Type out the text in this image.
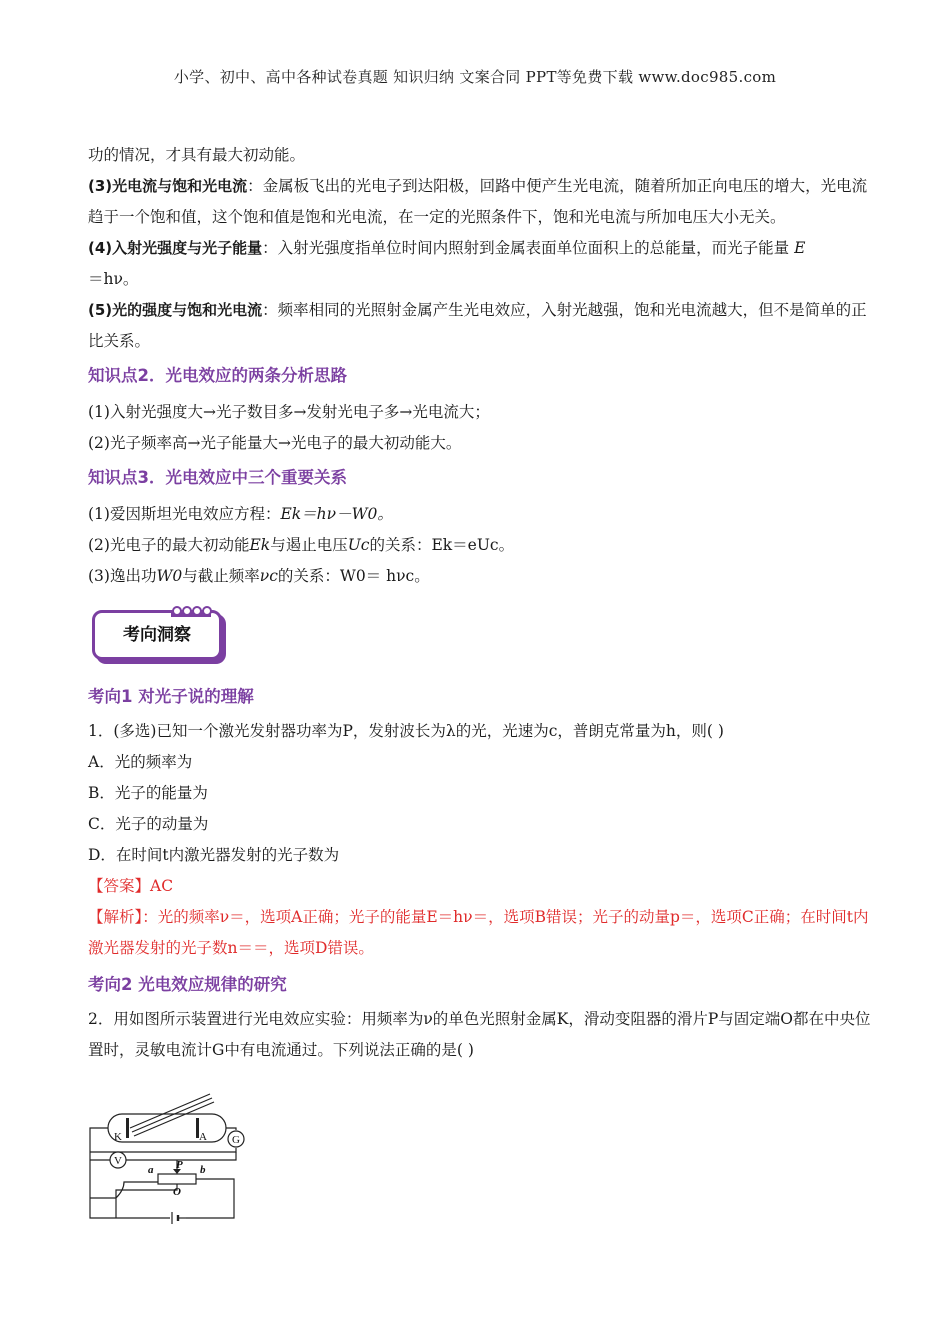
小学、初中、高中各种试卷真题 知识归纳 文案合同 PPT等免费下载 www.doc985.com

功的情况，才具有最大初动能。

(3)光电流与饱和光电流：金属板飞出的光电子到达阳极，回路中便产生光电流，随着所加正向电压的增大，光电流趋于一个饱和值，这个饱和值是饱和光电流，在一定的光照条件下，饱和光电流与所加电压大小无关。

(4)入射光强度与光子能量：入射光强度指单位时间内照射到金属表面单位面积上的总能量，而光子能量 E
＝hν。

(5)光的强度与饱和光电流：频率相同的光照射金属产生光电效应，入射光越强，饱和光电流越大，但不是简单的正比关系。

知识点2．光电效应的两条分析思路

(1)入射光强度大→光子数目多→发射光电子多→光电流大；

(2)光子频率高→光子能量大→光电子的最大初动能大。

知识点3．光电效应中三个重要关系

(1)爱因斯坦光电效应方程：Ek＝hν－W0。

(2)光电子的最大初动能Ek与遏止电压Uc的关系：Ek＝eUc。

(3)逸出功W0与截止频率νc的关系：W0＝ hνc。

考向洞察
考向1 对光子说的理解

1．(多选)已知一个激光发射器功率为P，发射波长为λ的光，光速为c，普朗克常量为h，则( )

A．光的频率为

B．光子的能量为

C．光子的动量为

D．在时间t内激光器发射的光子数为

【答案】AC

【解析】：光的频率ν＝，选项A正确；光子的能量E＝hν＝，选项B错误；光子的动量p＝，选项C正确；在时间t内激光器发射的光子数n＝＝，选项D错误。

考向2 光电效应规律的研究

2．用如图所示装置进行光电效应实验：用频率为ν的单色光照射金属K，滑动变阻器的滑片P与固定端O都在中央位置时，灵敏电流计G中有电流通过。下列说法正确的是( )

K	A G
V
a P b
O
